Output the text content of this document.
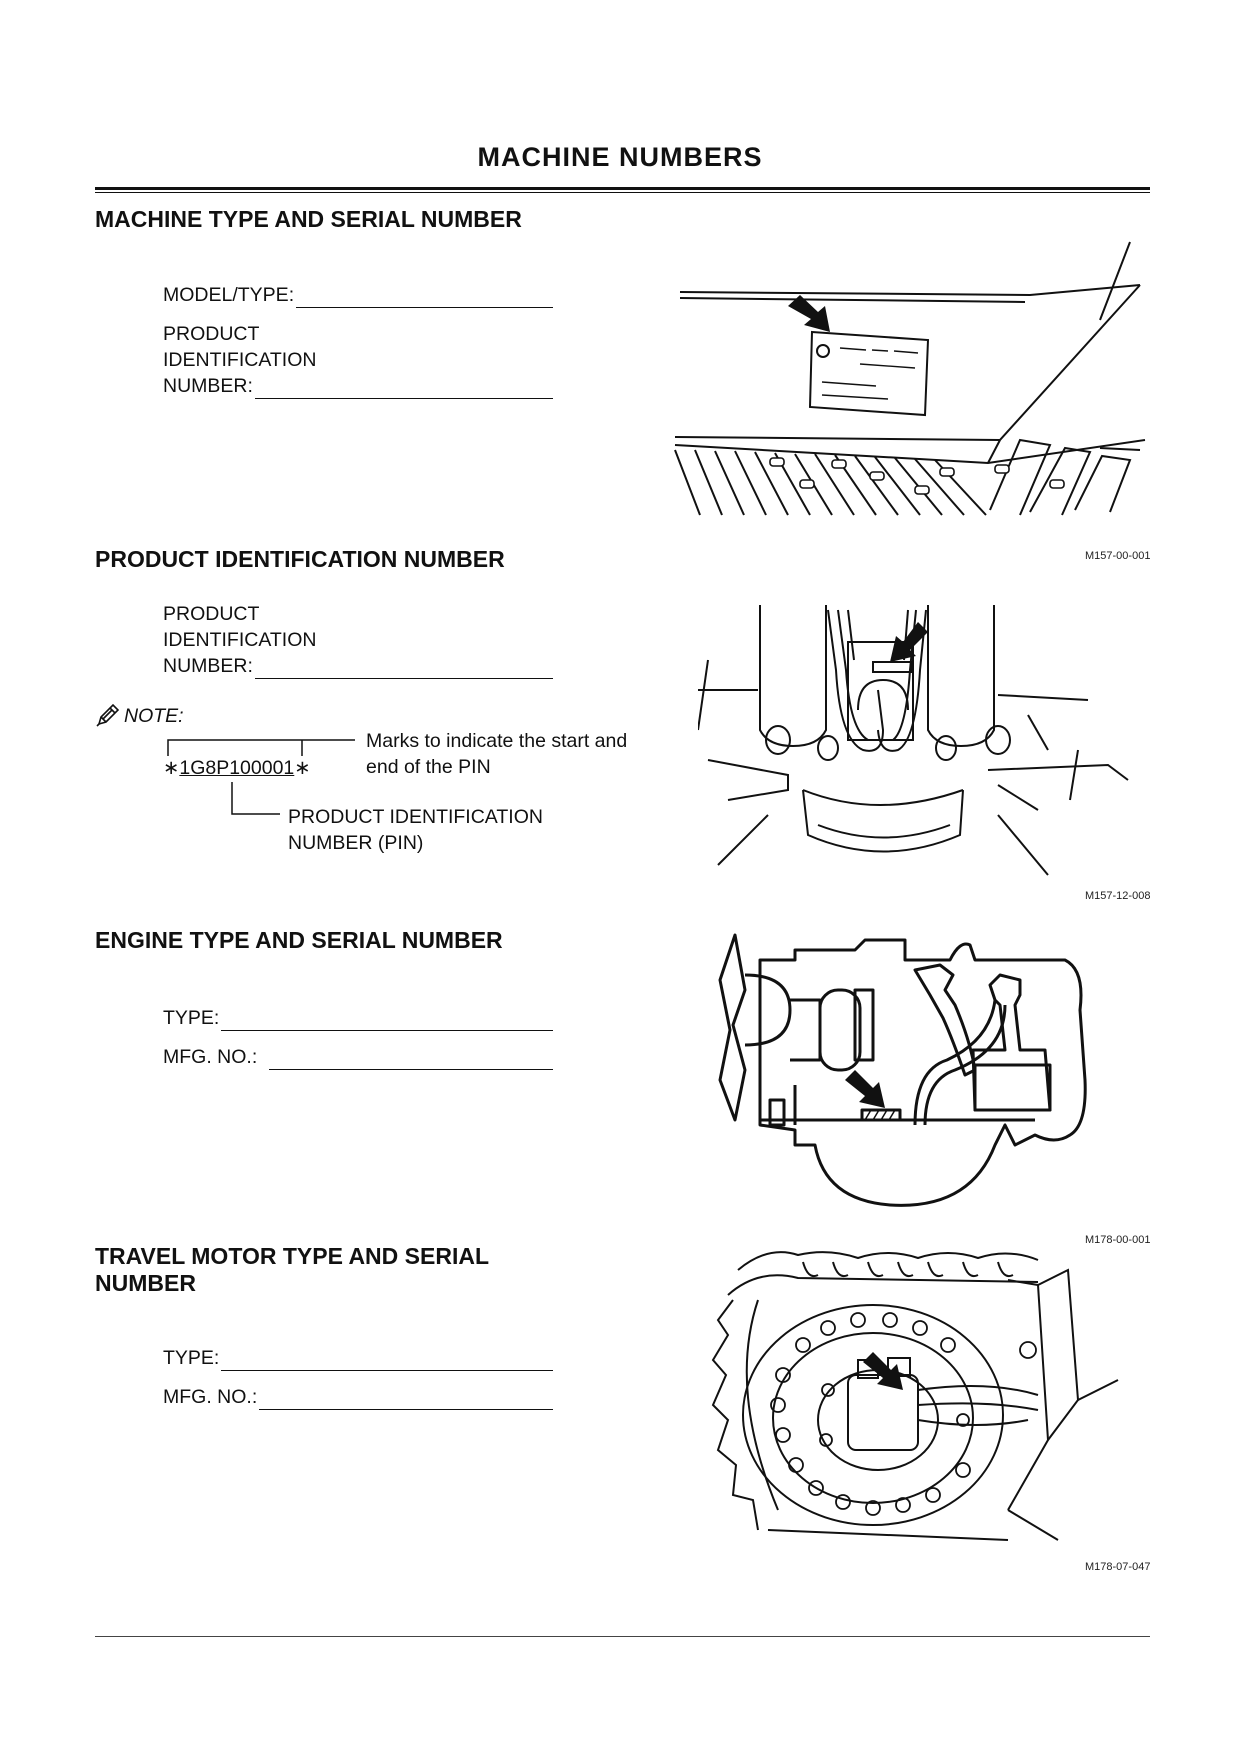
MACHINE NUMBERS
MACHINE TYPE AND SERIAL NUMBER
MODEL/TYPE:
PRODUCT
IDENTIFICATION
NUMBER:
M157-00-001
PRODUCT IDENTIFICATION NUMBER
PRODUCT
IDENTIFICATION
NUMBER:
NOTE:
∗1G8P100001∗
Marks to indicate the start and
end of the PIN
PRODUCT IDENTIFICATION
NUMBER (PIN)
M157-12-008
ENGINE TYPE AND SERIAL NUMBER
TYPE:
MFG. NO.:
M178-00-001
TRAVEL MOTOR TYPE AND SERIAL
NUMBER
TYPE:
MFG. NO.:
M178-07-047
